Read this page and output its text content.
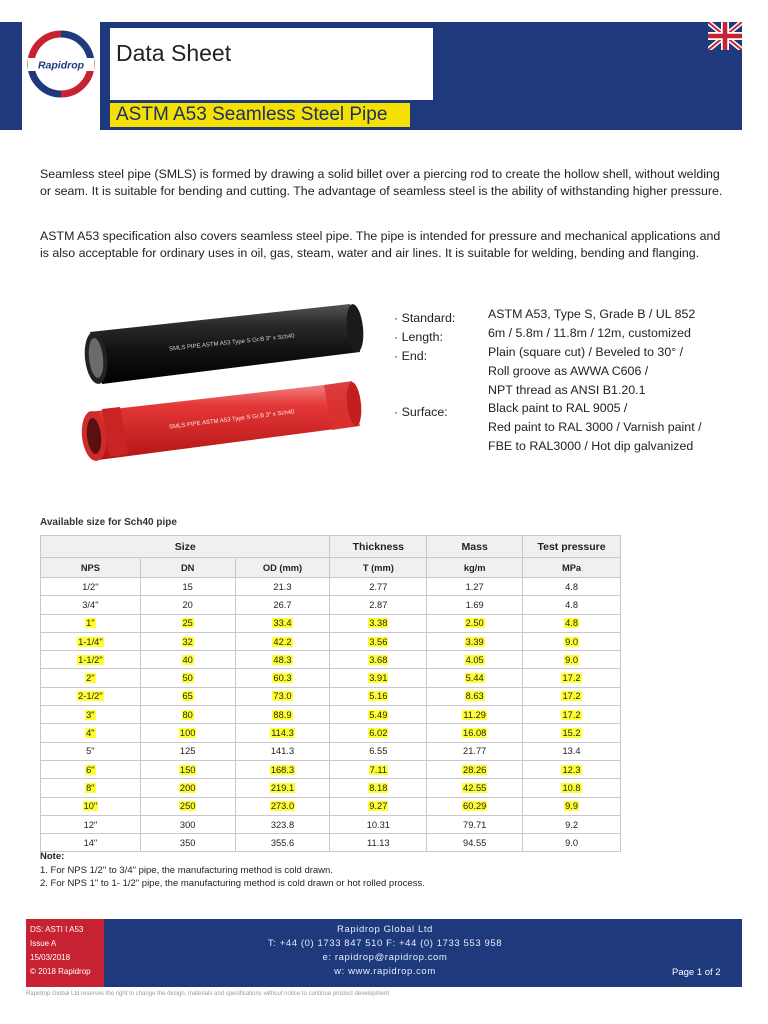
Rapidrop Data Sheet
ASTM A53 Seamless Steel Pipe
Seamless steel pipe (SMLS) is formed by drawing a solid billet over a piercing rod to create the hollow shell, without welding or seam. It is suitable for bending and cutting. The advantage of seamless steel is the ability of withstanding higher pressure.
ASTM A53 specification also covers seamless steel pipe. The pipe is intended for pressure and mechanical applications and is also acceptable for ordinary uses in oil, gas, steam, water and air lines. It is suitable for welding, bending and flanging.
SMLS PIPE ASTM A53 Type S Gr.B 3" x Sch40
SMLS PIPE ASTM A53 Type S Gr.B 3" x Sch40
· Standard:	ASTM A53, Type S, Grade B / UL 852
· Length:	6m / 5.8m / 11.8m / 12m, customized
· End:	Plain (square cut) / Beveled to 30° /
Roll groove as AWWA C606 /
NPT thread as ANSI B1.20.1
· Surface:	Black paint to RAL 9005 /
Red paint to RAL 3000 / Varnish paint /
FBE to RAL3000 / Hot dip galvanized
Available size for Sch40 pipe
Size			Thickness	Mass	Test pressure
NPS	DN	OD (mm)	T (mm)	kg/m	MPa
1/2"	15	21.3	2.77	1.27	4.8
3/4"	20	26.7	2.87	1.69	4.8
1"	25	33.4	3.38	2.50	4.8
1-1/4"	32	42.2	3.56	3.39	9.0
1-1/2"	40	48.3	3.68	4.05	9.0
2"	50	60.3	3.91	5.44	17.2
2-1/2"	65	73.0	5.16	8.63	17.2
3"	80	88.9	5.49	11.29	17.2
4"	100	114.3	6.02	16.08	15.2
5"	125	141.3	6.55	21.77	13.4
6"	150	168.3	7.11	28.26	12.3
8"	200	219.1	8.18	42.55	10.8
10"	250	273.0	9.27	60.29	9.9
12"	300	323.8	10.31	79.71	9.2
14"	350	355.6	11.13	94.55	9.0
Note:
1. For NPS 1/2" to 3/4" pipe, the manufacturing method is cold drawn.
2. For NPS 1" to 1- 1/2" pipe, the manufacturing method is cold drawn or hot rolled process.
DS: ASTI I A53
Issue A
15/03/2018
© 2018 Rapidrop
Rapidrop Global Ltd
T: +44 (0) 1733 847 510 F: +44 (0) 1733 553 958
e: rapidrop@rapidrop.com
w: www.rapidrop.com	Page 1 of 2
Rapidrop Global Ltd reserves the right to change the design, materials and specifications without notice to continue product development
